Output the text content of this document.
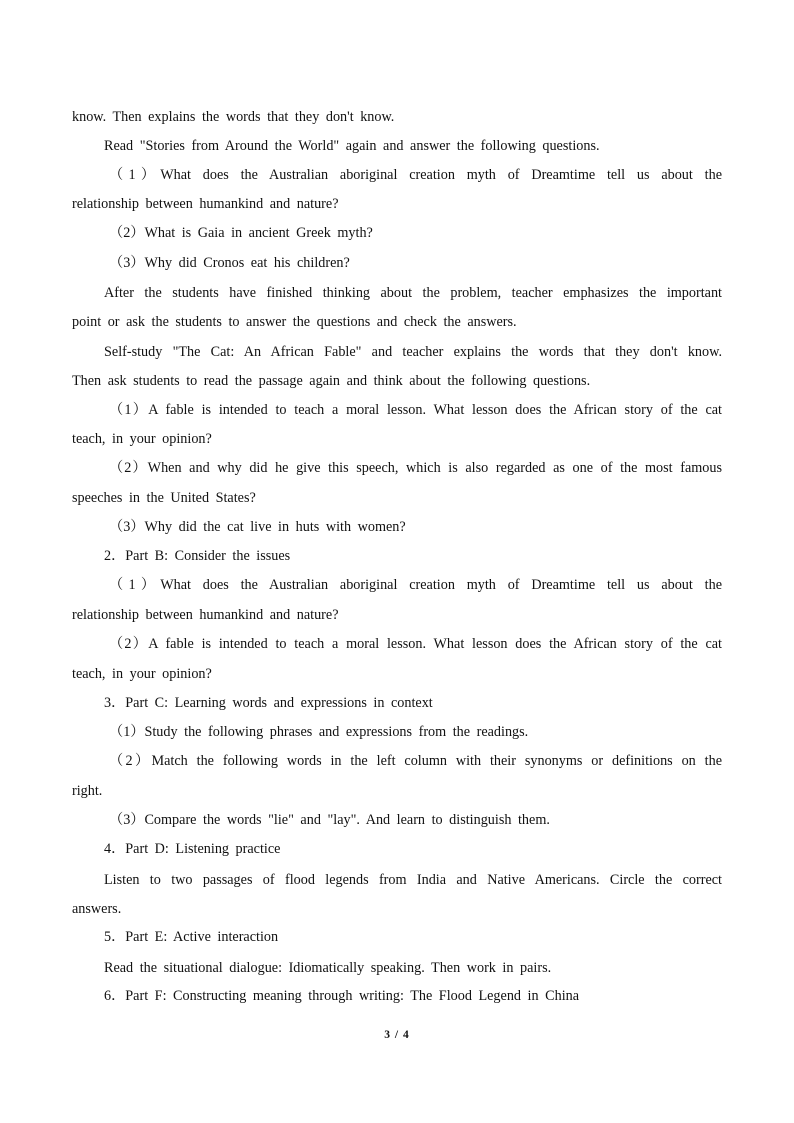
know. Then explains the words that they don't know.
Read "Stories from Around the World" again and answer the following questions.
（1）What does the Australian aboriginal creation myth of Dreamtime tell us about the
relationship between humankind and nature?
（2）What is Gaia in ancient Greek myth?
（3）Why did Cronos eat his children?
After the students have finished thinking about the problem, teacher emphasizes the important
point or ask the students to answer the questions and check the answers.
Self-study "The Cat: An African Fable" and teacher explains the words that they don't know.
Then ask students to read the passage again and think about the following questions.
（1）A fable is intended to teach a moral lesson. What lesson does the African story of the cat
teach, in your opinion?
（2）When and why did he give this speech, which is also regarded as one of the most famous
speeches in the United States?
（3）Why did the cat live in huts with women?
2．Part B: Consider the issues
（1）What does the Australian aboriginal creation myth of Dreamtime tell us about the
relationship between humankind and nature?
（2）A fable is intended to teach a moral lesson. What lesson does the African story of the cat
teach, in your opinion?
3．Part C: Learning words and expressions in context
（1）Study the following phrases and expressions from the readings.
（2）Match the following words in the left column with their synonyms or definitions on the
right.
（3）Compare the words "lie" and "lay". And learn to distinguish them.
4．Part D: Listening practice
Listen to two passages of flood legends from India and Native Americans. Circle the correct
answers.
5．Part E: Active interaction
Read the situational dialogue: Idiomatically speaking. Then work in pairs.
6．Part F: Constructing meaning through writing: The Flood Legend in China
3 / 4
